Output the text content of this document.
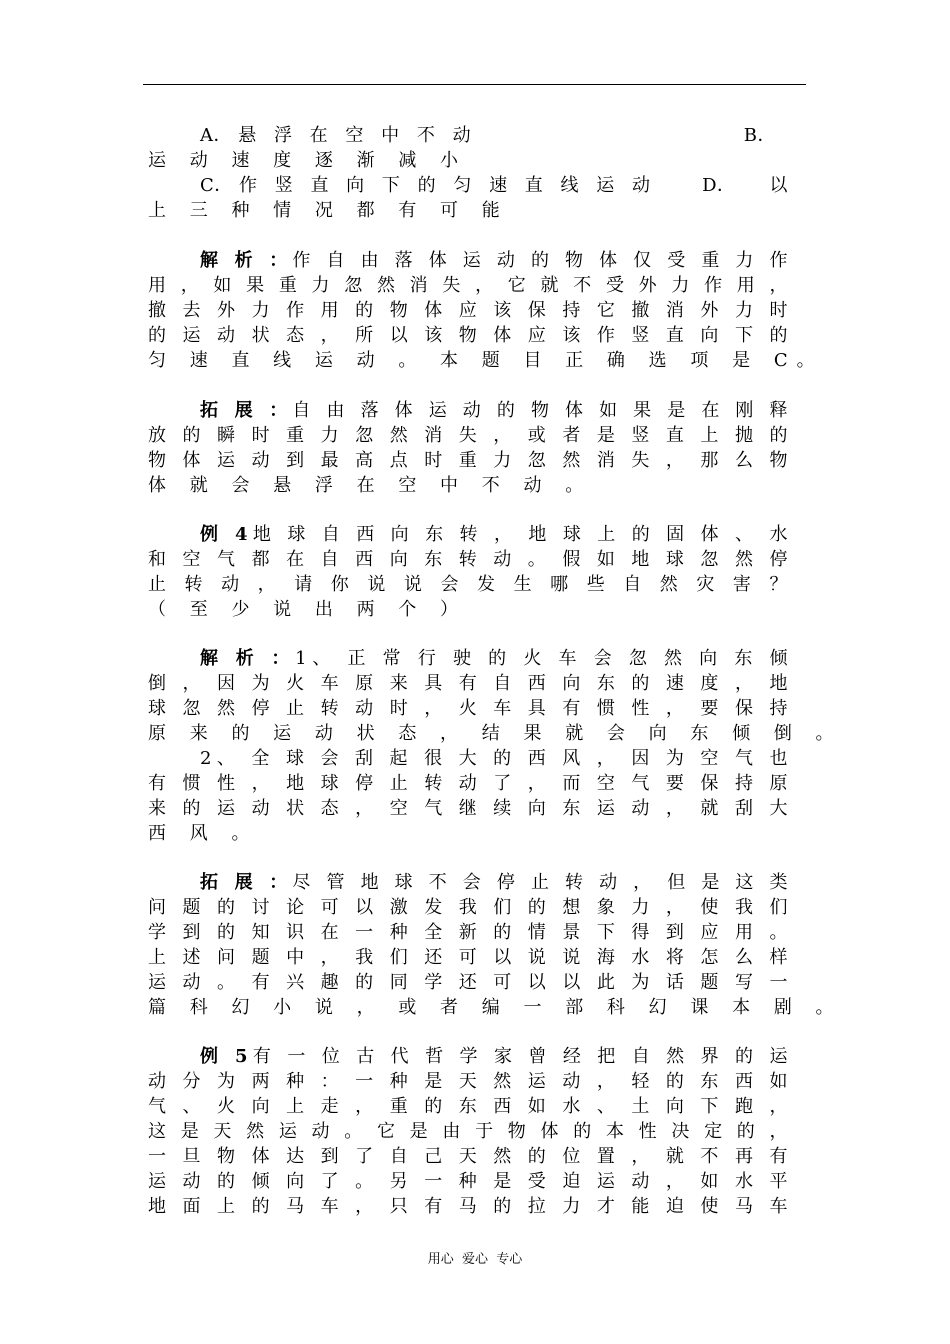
A． 悬 浮 在 空 中 不 动	B．
运 动 速 度 逐 渐 减 小
C． 作 竖 直 向 下 的 匀 速 直 线 运 动	D． 以
上 三 种 情 况 都 有 可 能
解 析 ：作 自 由 落 体 运 动 的 物 体 仅 受 重 力 作
用 ， 如 果 重 力 忽 然 消 失 ， 它 就 不 受 外 力 作 用 ，
撤 去 外 力 作 用 的 物 体 应 该 保 持 它 撤 消 外 力 时
的 运 动 状 态 ， 所 以 该 物 体 应 该 作 竖 直 向 下 的
匀 速 直 线 运 动 。 本 题 目 正 确 选 项 是 C。
拓 展 ：自 由 落 体 运 动 的 物 体 如 果 是 在 刚 释
放 的 瞬 时 重 力 忽 然 消 失 ， 或 者 是 竖 直 上 抛 的
物 体 运 动 到 最 高 点 时 重 力 忽 然 消 失 ， 那 么 物
体 就 会 悬 浮 在 空 中 不 动 。
例 4地 球 自 西 向 东 转 ， 地 球 上 的 固 体 、 水
和 空 气 都 在 自 西 向 东 转 动 。 假 如 地 球 忽 然 停
止 转 动 ， 请 你 说 说 会 发 生 哪 些 自 然 灾 害 ？
（ 至 少 说 出 两 个 ）
解 析 ：1、 正 常 行 驶 的 火 车 会 忽 然 向 东 倾
倒 ， 因 为 火 车 原 来 具 有 自 西 向 东 的 速 度 ， 地
球 忽 然 停 止 转 动 时 ， 火 车 具 有 惯 性 ， 要 保 持
原 来 的 运 动 状 态 ， 结 果 就 会 向 东 倾 倒 。
2、 全 球 会 刮 起 很 大 的 西 风 ， 因 为 空 气 也
有 惯 性 ， 地 球 停 止 转 动 了 ， 而 空 气 要 保 持 原
来 的 运 动 状 态 ， 空 气 继 续 向 东 运 动 ， 就 刮 大
西 风 。
拓 展 ：尽 管 地 球 不 会 停 止 转 动 ， 但 是 这 类
问 题 的 讨 论 可 以 激 发 我 们 的 想 象 力 ， 使 我 们
学 到 的 知 识 在 一 种 全 新 的 情 景 下 得 到 应 用 。
上 述 问 题 中 ， 我 们 还 可 以 说 说 海 水 将 怎 么 样
运 动 。 有 兴 趣 的 同 学 还 可 以 以 此 为 话 题 写 一
篇 科 幻 小 说 ， 或 者 编 一 部 科 幻 课 本 剧 。
例 5有 一 位 古 代 哲 学 家 曾 经 把 自 然 界 的 运
动 分 为 两 种 ： 一 种 是 天 然 运 动 ， 轻 的 东 西 如
气 、 火 向 上 走 ， 重 的 东 西 如 水 、 土 向 下 跑 ，
这 是 天 然 运 动 。 它 是 由 于 物 体 的 本 性 决 定 的 ，
一 旦 物 体 达 到 了 自 己 天 然 的 位 置 ， 就 不 再 有
运 动 的 倾 向 了 。 另 一 种 是 受 迫 运 动 ， 如 水 平
地 面 上 的 马 车 ， 只 有 马 的 拉 力 才 能 迫 使 马 车
用心  爱心  专心
